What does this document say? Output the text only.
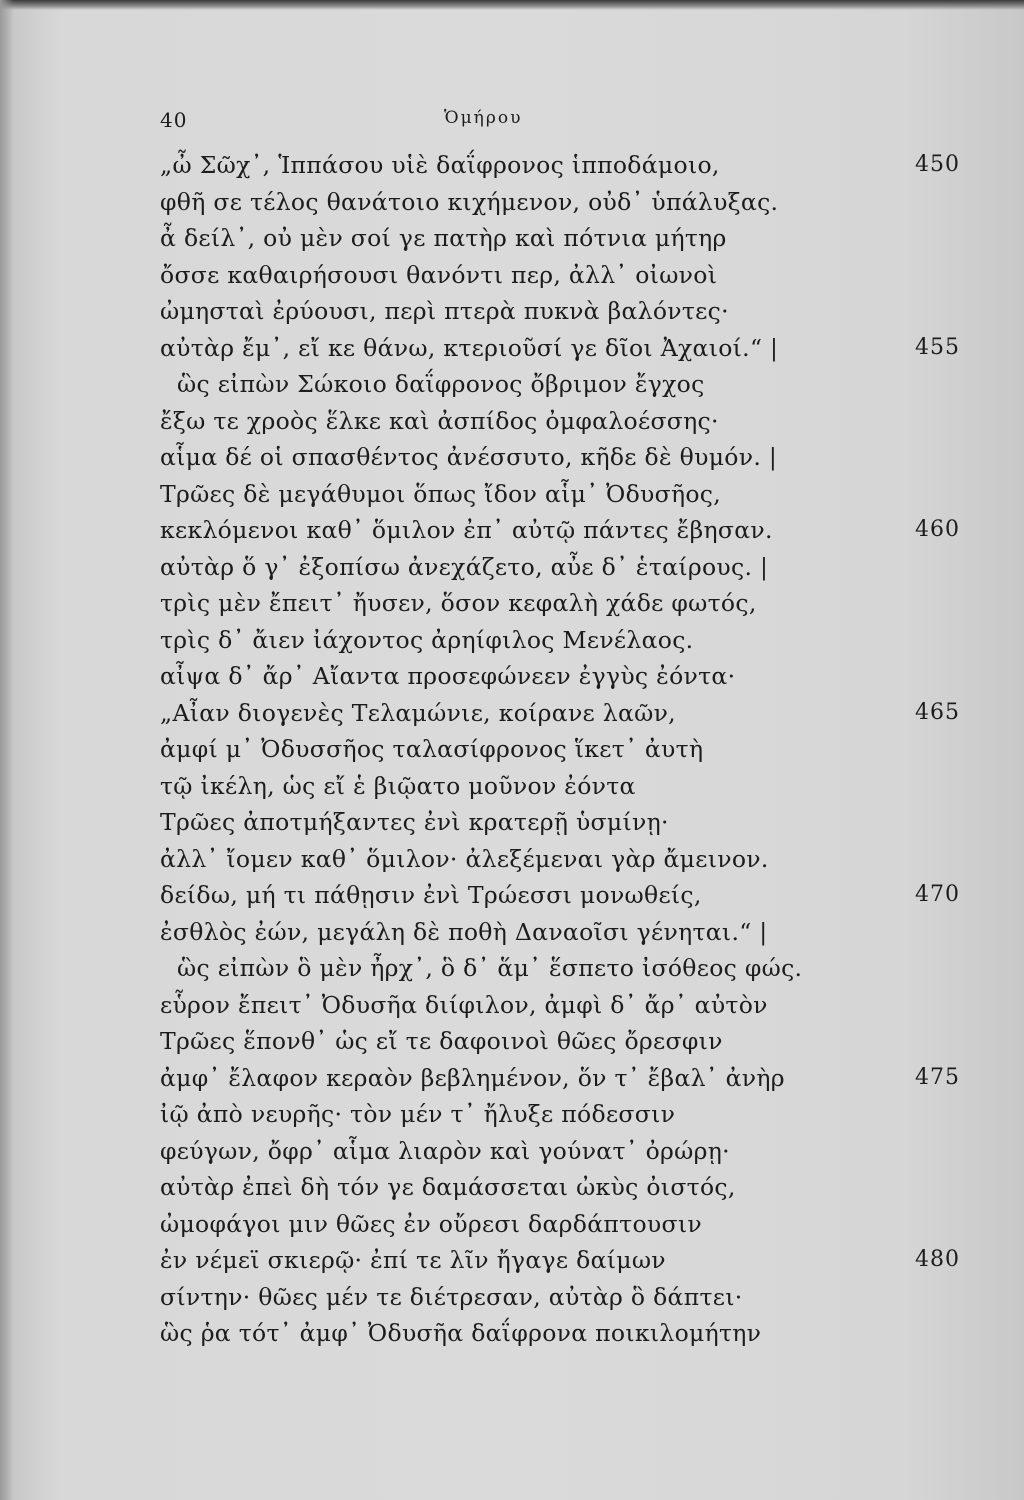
40	Ὁμήρου
„ὦ Σῶχ᾽, Ἱππάσου υἱὲ δαΐφρονος ἱπποδάμοιο,	450
φθῆ σε τέλος θανάτοιο κιχήμενον, οὐδ᾽ ὑπάλυξας.
ἆ δείλ᾽, οὐ μὲν σοί γε πατὴρ καὶ πότνια μήτηρ
ὄσσε καθαιρήσουσι θανόντι περ, ἀλλ᾽ οἰωνοὶ
ὠμησταὶ ἐρύουσι, περὶ πτερὰ πυκνὰ βαλόντες·
αὐτὰρ ἔμ᾽, εἴ κε θάνω, κτεριοῦσί γε δῖοι Ἀχαιοί.“ |	455
ὣς εἰπὼν Σώκοιο δαΐφρονος ὄβριμον ἔγχος
ἔξω τε χροὸς ἕλκε καὶ ἀσπίδος ὀμφαλοέσσης·
αἷμα δέ οἱ σπασθέντος ἀνέσσυτο, κῆδε δὲ θυμόν. |
Τρῶες δὲ μεγάθυμοι ὅπως ἴδον αἷμ᾽ Ὀδυσῆος,
κεκλόμενοι καθ᾽ ὅμιλον ἐπ᾽ αὐτῷ πάντες ἔβησαν.	460
αὐτὰρ ὅ γ᾽ ἐξοπίσω ἀνεχάζετο, αὖε δ᾽ ἑταίρους. |
τρὶς μὲν ἔπειτ᾽ ἤυσεν, ὅσον κεφαλὴ χάδε φωτός,
τρὶς δ᾽ ἄιεν ἰάχοντος ἀρηίφιλος Μενέλαος.
αἶψα δ᾽ ἄρ᾽ Αἴαντα προσεφώνεεν ἐγγὺς ἐόντα·
„Αἶαν διογενὲς Τελαμώνιε, κοίρανε λαῶν,	465
ἀμφί μ᾽ Ὀδυσσῆος ταλασίφρονος ἵκετ᾽ ἀυτὴ
τῷ ἰκέλη, ὡς εἴ ἑ βιῷατο μοῦνον ἐόντα
Τρῶες ἀποτμήξαντες ἐνὶ κρατερῇ ὑσμίνῃ·
ἀλλ᾽ ἴομεν καθ᾽ ὅμιλον· ἀλεξέμεναι γὰρ ἄμεινον.
δείδω, μή τι πάθῃσιν ἐνὶ Τρώεσσι μονωθείς,	470
ἐσθλὸς ἐών, μεγάλη δὲ ποθὴ Δαναοῖσι γένηται.“ |
ὣς εἰπὼν ὃ μὲν ἦρχ᾽, ὃ δ᾽ ἅμ᾽ ἕσπετο ἰσόθεος φώς.
εὗρον ἔπειτ᾽ Ὀδυσῆα διίφιλον, ἀμφὶ δ᾽ ἄρ᾽ αὐτὸν
Τρῶες ἕπονθ᾽ ὡς εἴ τε δαφοινοὶ θῶες ὄρεσφιν
ἀμφ᾽ ἔλαφον κεραὸν βεβλημένον, ὅν τ᾽ ἔβαλ᾽ ἀνὴρ	475
ἰῷ ἀπὸ νευρῆς· τὸν μέν τ᾽ ἤλυξε πόδεσσιν
φεύγων, ὄφρ᾽ αἷμα λιαρὸν καὶ γούνατ᾽ ὀρώρῃ·
αὐτὰρ ἐπεὶ δὴ τόν γε δαμάσσεται ὠκὺς ὀιστός,
ὠμοφάγοι μιν θῶες ἐν οὔρεσι δαρδάπτουσιν
ἐν νέμεϊ σκιερῷ· ἐπί τε λῖν ἤγαγε δαίμων	480
σίντην· θῶες μέν τε διέτρεσαν, αὐτὰρ ὃ δάπτει·
ὣς ῥα τότ᾽ ἀμφ᾽ Ὀδυσῆα δαΐφρονα ποικιλομήτην
